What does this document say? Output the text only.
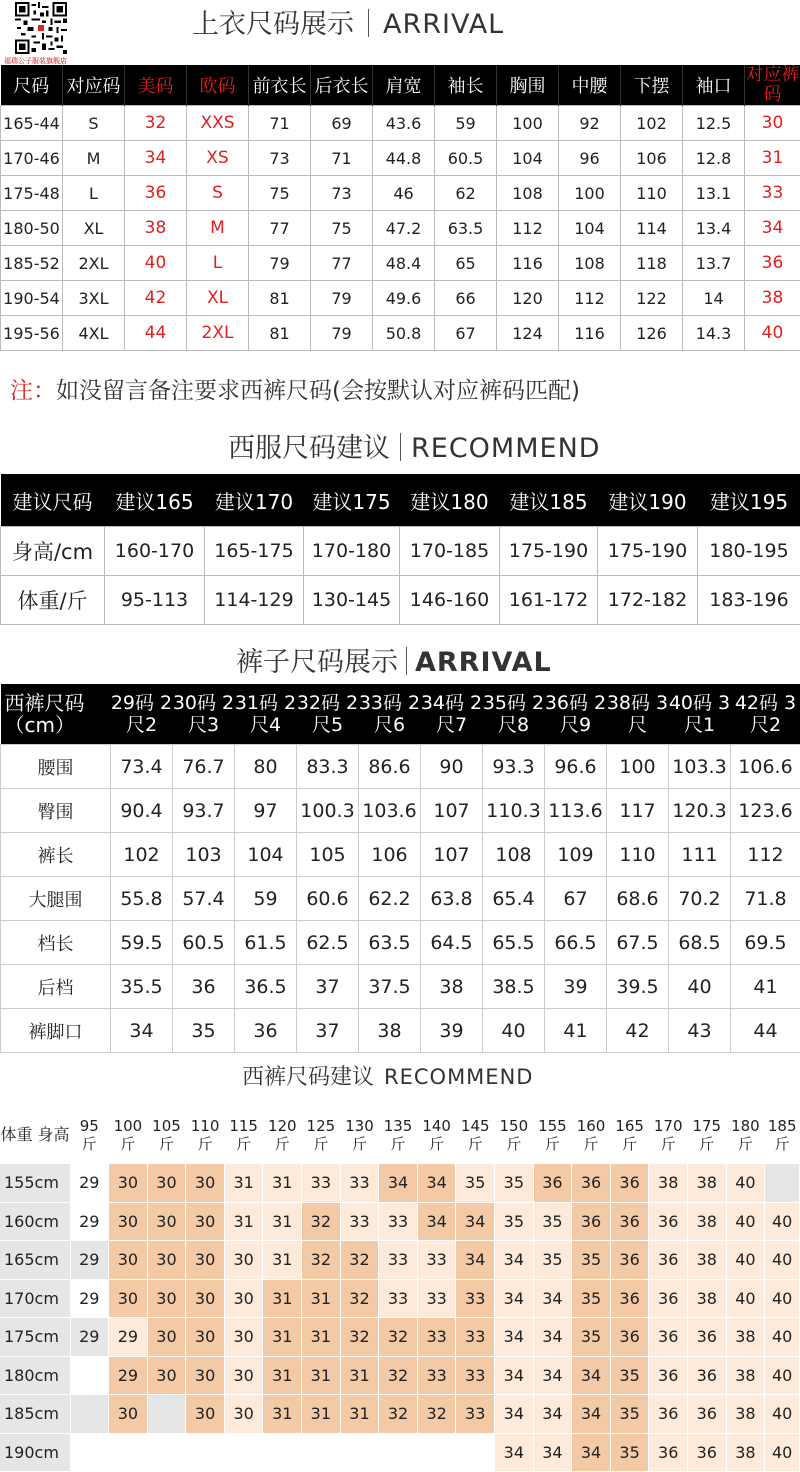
福瑞公子服装旗舰店
上衣尺码展示 ARRIVAL
尺码	对应码	美码	欧码	前衣长	后衣长	肩宽	袖长	胸围	中腰	下摆	袖口	对应裤码
165-44	S	32	XXS	71	69	43.6	59	100	92	102	12.5	30
170-46	M	34	XS	73	71	44.8	60.5	104	96	106	12.8	31
175-48	L	36	S	75	73	46	62	108	100	110	13.1	33
180-50	XL	38	M	77	75	47.2	63.5	112	104	114	13.4	34
185-52	2XL	40	L	79	77	48.4	65	116	108	118	13.7	36
190-54	3XL	42	XL	81	79	49.6	66	120	112	122	14	38
195-56	4XL	44	2XL	81	79	50.8	67	124	116	126	14.3	40
注：如没留言备注要求西裤尺码(会按默认对应裤码匹配)
西服尺码建议 RECOMMEND
建议尺码	建议165	建议170	建议175	建议180	建议185	建议190	建议195
身高/cm	160-170	165-175	170-180	170-185	175-190	175-190	180-195
体重/斤	95-113	114-129	130-145	146-160	161-172	172-182	183-196
裤子尺码展示 ARRIVAL
西裤尺码（cm）	29码 2尺2	30码 2尺3	31码 2尺4	32码 2尺5	33码 2尺6	34码 2尺7	35码 2尺8	36码 2尺9	38码 3尺	40码 3尺1	42码 3尺2
腰围	73.4	76.7	80	83.3	86.6	90	93.3	96.6	100	103.3	106.6
臀围	90.4	93.7	97	100.3	103.6	107	110.3	113.6	117	120.3	123.6
裤长	102	103	104	105	106	107	108	109	110	111	112
大腿围	55.8	57.4	59	60.6	62.2	63.8	65.4	67	68.6	70.2	71.8
档长	59.5	60.5	61.5	62.5	63.5	64.5	65.5	66.5	67.5	68.5	69.5
后档	35.5	36	36.5	37	37.5	38	38.5	39	39.5	40	41
裤脚口	34	35	36	37	38	39	40	41	42	43	44
西裤尺码建议 RECOMMEND
体重 身高	95 斤	100 斤	105 斤	110 斤	115 斤	120 斤	125 斤	130 斤	135 斤	140 斤	145 斤	150 斤	155 斤	160 斤	165 斤	170 斤	175 斤	180 斤	185 斤
155cm	29	30	30	30	31	31	33	33	34	34	35	35	36	36	36	38	38	40	
160cm	29	30	30	30	31	31	32	33	33	34	34	35	35	36	36	36	38	40	40
165cm	29	30	30	30	30	31	32	32	33	33	34	34	35	35	36	36	38	40	40
170cm	29	30	30	30	30	31	31	32	33	33	33	34	34	35	36	36	38	40	40
175cm	29	29	30	30	30	31	31	32	32	33	33	34	34	35	36	36	36	38	40
180cm		29	30	30	30	31	31	31	32	33	33	34	34	34	35	36	36	38	40
185cm		30		30	30	31	31	31	32	32	33	34	34	34	35	36	36	38	40
190cm												34	34	34	35	36	36	38	40
